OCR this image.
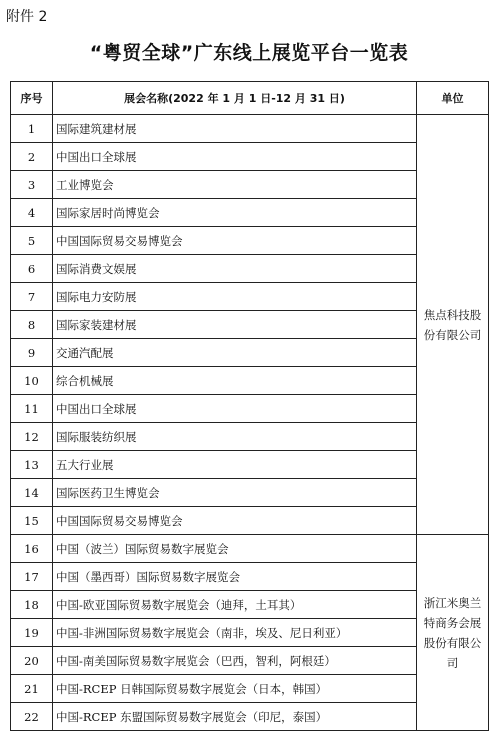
附件 2
“粤贸全球”广东线上展览平台一览表
序号	展会名称(2022 年 1 月 1 日-12 月 31 日)	单位
1	国际建筑建材展	焦点科技股份有限公司
2	中国出口全球展	
3	工业博览会	
4	国际家居时尚博览会	
5	中国国际贸易交易博览会	
6	国际消费文娱展	
7	国际电力安防展	
8	国际家装建材展	
9	交通汽配展	
10	综合机械展	
11	中国出口全球展	
12	国际服装纺织展	
13	五大行业展	
14	国际医药卫生博览会	
15	中国国际贸易交易博览会	
16	中国（波兰）国际贸易数字展览会	浙江米奥兰特商务会展股份有限公司
17	中国（墨西哥）国际贸易数字展览会	
18	中国-欧亚国际贸易数字展览会（迪拜，土耳其）	
19	中国-非洲国际贸易数字展览会（南非，埃及、尼日利亚）	
20	中国-南美国际贸易数字展览会（巴西，智利，阿根廷）	
21	中国-RCEP 日韩国际贸易数字展览会（日本，韩国）	
22	中国-RCEP 东盟国际贸易数字展览会（印尼，泰国）	
